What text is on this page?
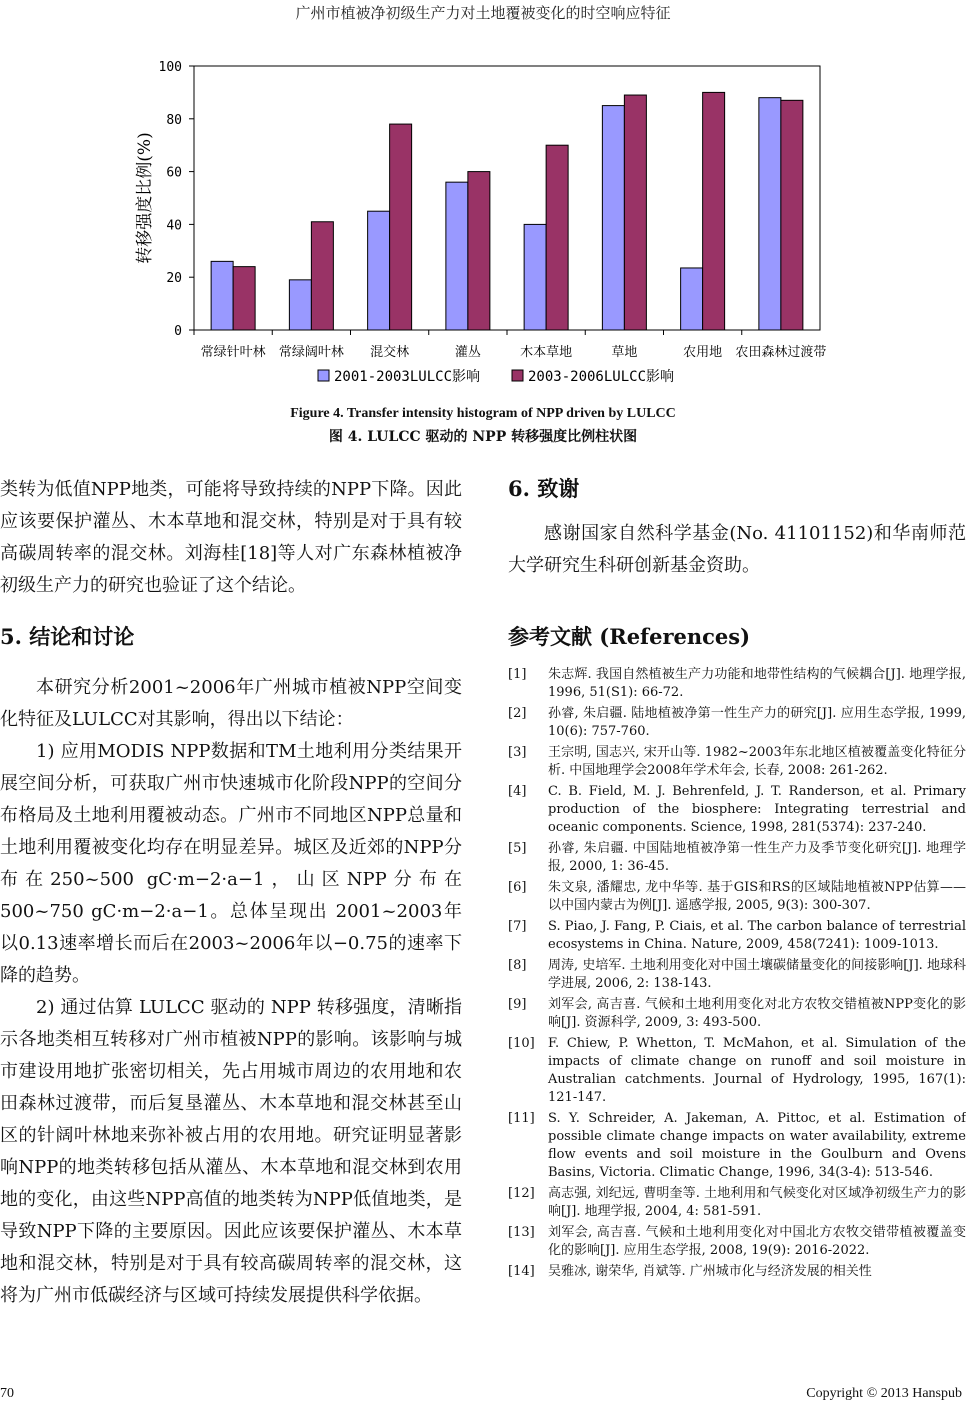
广州市植被净初级生产力对土地覆被变化的时空响应特征
0
20
40
60
80
100
转移强度比例(%)
常绿针叶林 常绿阔叶林 混交林	灌丛	木本草地	草地	农用地 农田森林过渡带
2001-2003LULCC影响	2003-2006LULCC影响
Figure 4. Transfer intensity histogram of NPP driven by LULCC
图 4. LULCC 驱动的 NPP 转移强度比例柱状图

类转为低值NPP地类，可能将导致持续的NPP下降。因此应该要保护灌丛、木本草地和混交林，特别是对于具有较高碳周转率的混交林。刘海桂[18]等人对广东森林植被净初级生产力的研究也验证了这个结论。

5. 结论和讨论

本研究分析2001~2006年广州城市植被NPP空间变化特征及LULCC对其影响，得出以下结论：

1) 应用MODIS NPP数据和TM土地利用分类结果开展空间分析，可获取广州市快速城市化阶段NPP的空间分布格局及土地利用覆被动态。广州市不同地区NPP总量和土地利用覆被变化均存在明显差异。城区及近郊的NPP分布在250~500 gC·m−2·a−1，山区NPP分布在 500~750 gC·m−2·a−1。总体呈现出 2001~2003年以0.13速率增长而后在2003~2006年以−0.75的速率下降的趋势。

2) 通过估算 LULCC 驱动的 NPP 转移强度，清晰指示各地类相互转移对广州市植被NPP的影响。该影响与城市建设用地扩张密切相关，先占用城市周边的农用地和农田森林过渡带，而后复垦灌丛、木本草地和混交林甚至山区的针阔叶林地来弥补被占用的农用地。研究证明显著影响NPP的地类转移包括从灌丛、木本草地和混交林到农用地的变化，由这些NPP高值的地类转为NPP低值地类，是导致NPP下降的主要原因。因此应该要保护灌丛、木本草地和混交林，特别是对于具有较高碳周转率的混交林，这将为广州市低碳经济与区域可持续发展提供科学依据。

6. 致谢

感谢国家自然科学基金(No. 41101152)和华南师范大学研究生科研创新基金资助。

参考文献 (References)
[1] 朱志辉. 我国自然植被生产力功能和地带性结构的气候耦合[J]. 地理学报, 1996, 51(S1): 66-72.
[2] 孙睿, 朱启疆. 陆地植被净第一性生产力的研究[J]. 应用生态学报, 1999, 10(6): 757-760.
[3] 王宗明, 国志兴, 宋开山等. 1982~2003年东北地区植被覆盖变化特征分析. 中国地理学会2008年学术年会, 长春, 2008: 261-262.
[4] C. B. Field, M. J. Behrenfeld, J. T. Randerson, et al. Primary production of the biosphere: Integrating terrestrial and oceanic components. Science, 1998, 281(5374): 237-240.
[5] 孙睿, 朱启疆. 中国陆地植被净第一性生产力及季节变化研究[J]. 地理学报, 2000, 1: 36-45.
[6] 朱文泉, 潘耀忠, 龙中华等. 基于GIS和RS的区域陆地植被NPP估算——以中国内蒙古为例[J]. 遥感学报, 2005, 9(3): 300-307.
[7] S. Piao, J. Fang, P. Ciais, et al. The carbon balance of terrestrial ecosystems in China. Nature, 2009, 458(7241): 1009-1013.
[8] 周涛, 史培军. 土地利用变化对中国土壤碳储量变化的间接影响[J]. 地球科学进展, 2006, 2: 138-143.
[9] 刘军会, 高吉喜. 气候和土地利用变化对北方农牧交错植被NPP变化的影响[J]. 资源科学, 2009, 3: 493-500.
[10] F. Chiew, P. Whetton, T. McMahon, et al. Simulation of the impacts of climate change on runoff and soil moisture in Australian catchments. Journal of Hydrology, 1995, 167(1): 121-147.
[11] S. Y. Schreider, A. Jakeman, A. Pittoc, et al. Estimation of possible climate change impacts on water availability, extreme flow events and soil moisture in the Goulburn and Ovens Basins, Victoria. Climatic Change, 1996, 34(3-4): 513-546.
[12] 高志强, 刘纪远, 曹明奎等. 土地利用和气候变化对区域净初级生产力的影响[J]. 地理学报, 2004, 4: 581-591.
[13] 刘军会, 高吉喜. 气候和土地利用变化对中国北方农牧交错带植被覆盖变化的影响[J]. 应用生态学报, 2008, 19(9): 2016-2022.
[14] 吴雅冰, 谢荣华, 肖斌等. 广州城市化与经济发展的相关性
70	Copyright © 2013 Hanspub
